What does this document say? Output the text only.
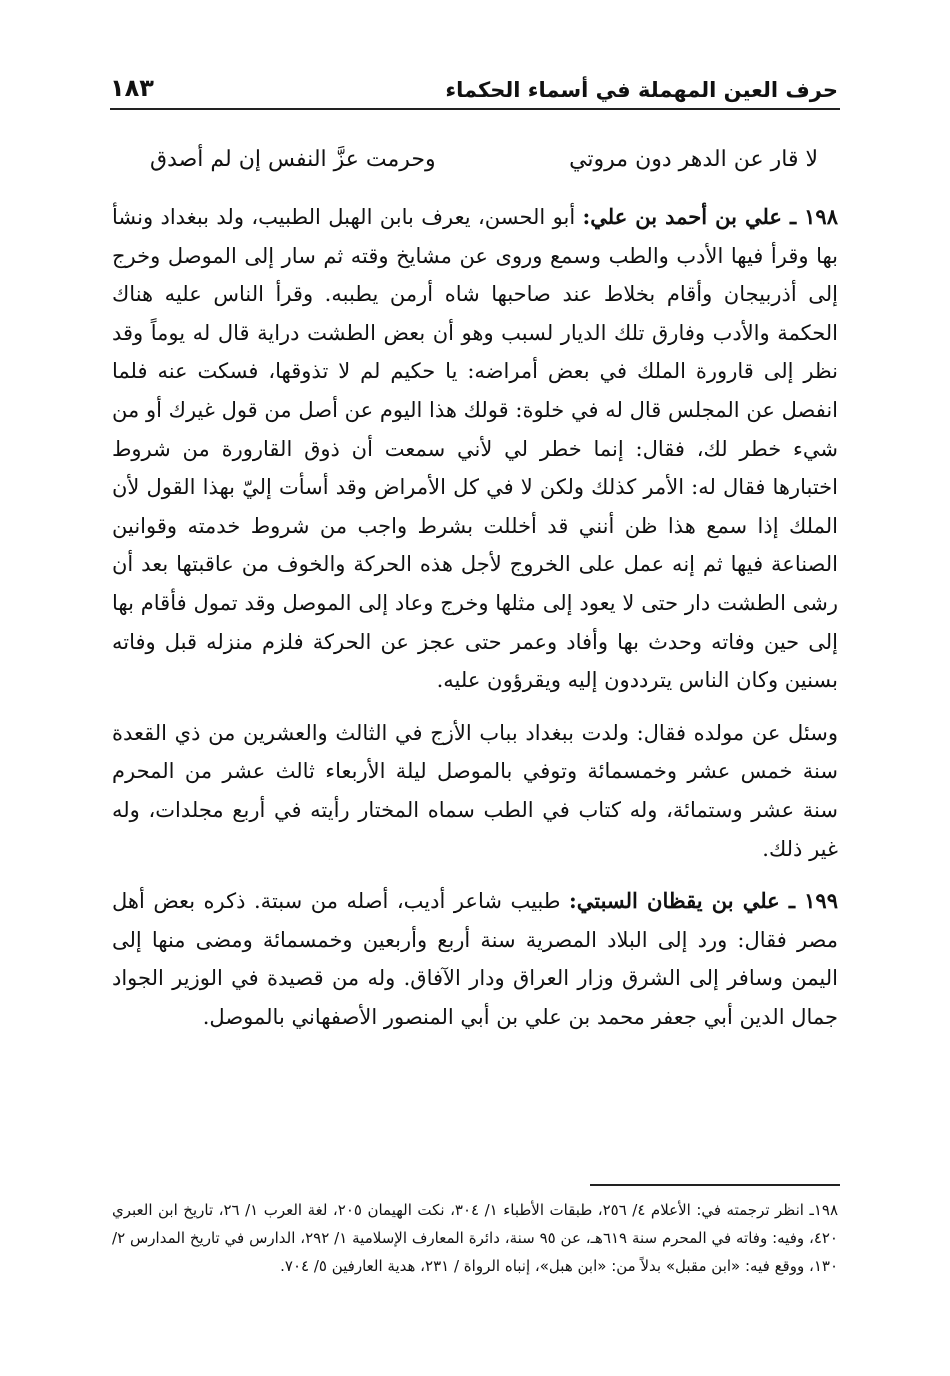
حرف العين المهملة في أسماء الحكماء
١٨٣
لا قار عن الدهر دون مروتي
وحرمت عزَّ النفس إن لم أصدق

١٩٨ ـ علي بن أحمد بن علي: أبو الحسن، يعرف بابن الهبل الطبيب، ولد ببغداد ونشأ بها وقرأ فيها الأدب والطب وسمع وروى عن مشايخ وقته ثم سار إلى الموصل وخرج إلى أذربيجان وأقام بخلاط عند صاحبها شاه أرمن يطببه. وقرأ الناس عليه هناك الحكمة والأدب وفارق تلك الديار لسبب وهو أن بعض الطشت دراية قال له يوماً وقد نظر إلى قارورة الملك في بعض أمراضه: يا حكيم لم لا تذوقها، فسكت عنه فلما انفصل عن المجلس قال له في خلوة: قولك هذا اليوم عن أصل من قول غيرك أو من شيء خطر لك، فقال: إنما خطر لي لأني سمعت أن ذوق القارورة من شروط اختبارها فقال له: الأمر كذلك ولكن لا في كل الأمراض وقد أسأت إليّ بهذا القول لأن الملك إذا سمع هذا ظن أنني قد أخللت بشرط واجب من شروط خدمته وقوانين الصناعة فيها ثم إنه عمل على الخروج لأجل هذه الحركة والخوف من عاقبتها بعد أن رشى الطشت دار حتى لا يعود إلى مثلها وخرج وعاد إلى الموصل وقد تمول فأقام بها إلى حين وفاته وحدث بها وأفاد وعمر حتى عجز عن الحركة فلزم منزله قبل وفاته بسنين وكان الناس يترددون إليه ويقرؤون عليه.

وسئل عن مولده فقال: ولدت ببغداد بباب الأزج في الثالث والعشرين من ذي القعدة سنة خمس عشر وخمسمائة وتوفي بالموصل ليلة الأربعاء ثالث عشر من المحرم سنة عشر وستمائة، وله كتاب في الطب سماه المختار رأيته في أربع مجلدات، وله غير ذلك.

١٩٩ ـ علي بن يقظان السبتي: طبيب شاعر أديب، أصله من سبتة. ذكره بعض أهل مصر فقال: ورد إلى البلاد المصرية سنة أربع وأربعين وخمسمائة ومضى منها إلى اليمن وسافر إلى الشرق وزار العراق ودار الآفاق. وله من قصيدة في الوزير الجواد جمال الدين أبي جعفر محمد بن علي بن أبي المنصور الأصفهاني بالموصل.

١٩٨ـ انظر ترجمته في: الأعلام ٤/ ٢٥٦، طبقات الأطباء ١/ ٣٠٤، نكت الهيمان ٢٠٥، لغة العرب ١/ ٢٦، تاريخ ابن العبري ٤٢٠، وفيه: وفاته في المحرم سنة ٦١٩هـ، عن ٩٥ سنة، دائرة المعارف الإسلامية ١/ ٢٩٢، الدارس في تاريخ المدارس ٢/ ١٣٠، ووقع فيه: «ابن مقبل» بدلاً من: «ابن هبل»، إنباه الرواة / ٢٣١، هدية العارفين ٥/ ٧٠٤.
